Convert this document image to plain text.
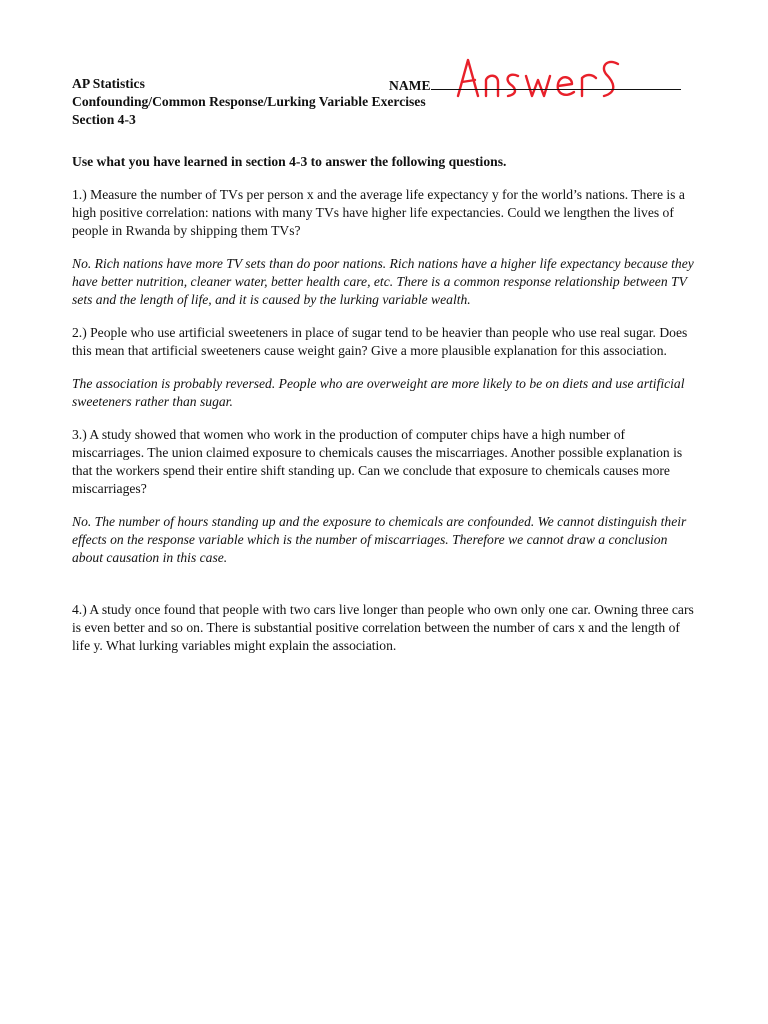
AP Statistics	NAME
Confounding/Common Response/Lurking Variable Exercises
Section 4-3
Use what you have learned in section 4-3 to answer the following questions.

1.) Measure the number of TVs per person x and the average life expectancy y for the world’s nations. There is a high positive correlation: nations with many TVs have higher life expectancies. Could we lengthen the lives of people in Rwanda by shipping them TVs?

No. Rich nations have more TV sets than do poor nations. Rich nations have a higher life expectancy because they have better nutrition, cleaner water, better health care, etc. There is a common response relationship between TV sets and the length of life, and it is caused by the lurking variable wealth.

2.) People who use artificial sweeteners in place of sugar tend to be heavier than people who use real sugar. Does this mean that artificial sweeteners cause weight gain? Give a more plausible explanation for this association.

The association is probably reversed. People who are overweight are more likely to be on diets and use artificial sweeteners rather than sugar.

3.) A study showed that women who work in the production of computer chips have a high number of miscarriages. The union claimed exposure to chemicals causes the miscarriages. Another possible explanation is that the workers spend their entire shift standing up. Can we conclude that exposure to chemicals causes more miscarriages?

No. The number of hours standing up and the exposure to chemicals are confounded. We cannot distinguish their effects on the response variable which is the number of miscarriages. Therefore we cannot draw a conclusion about causation in this case.

4.) A study once found that people with two cars live longer than people who own only one car. Owning three cars is even better and so on. There is substantial positive correlation between the number of cars x and the length of life y. What lurking variables might explain the association.
